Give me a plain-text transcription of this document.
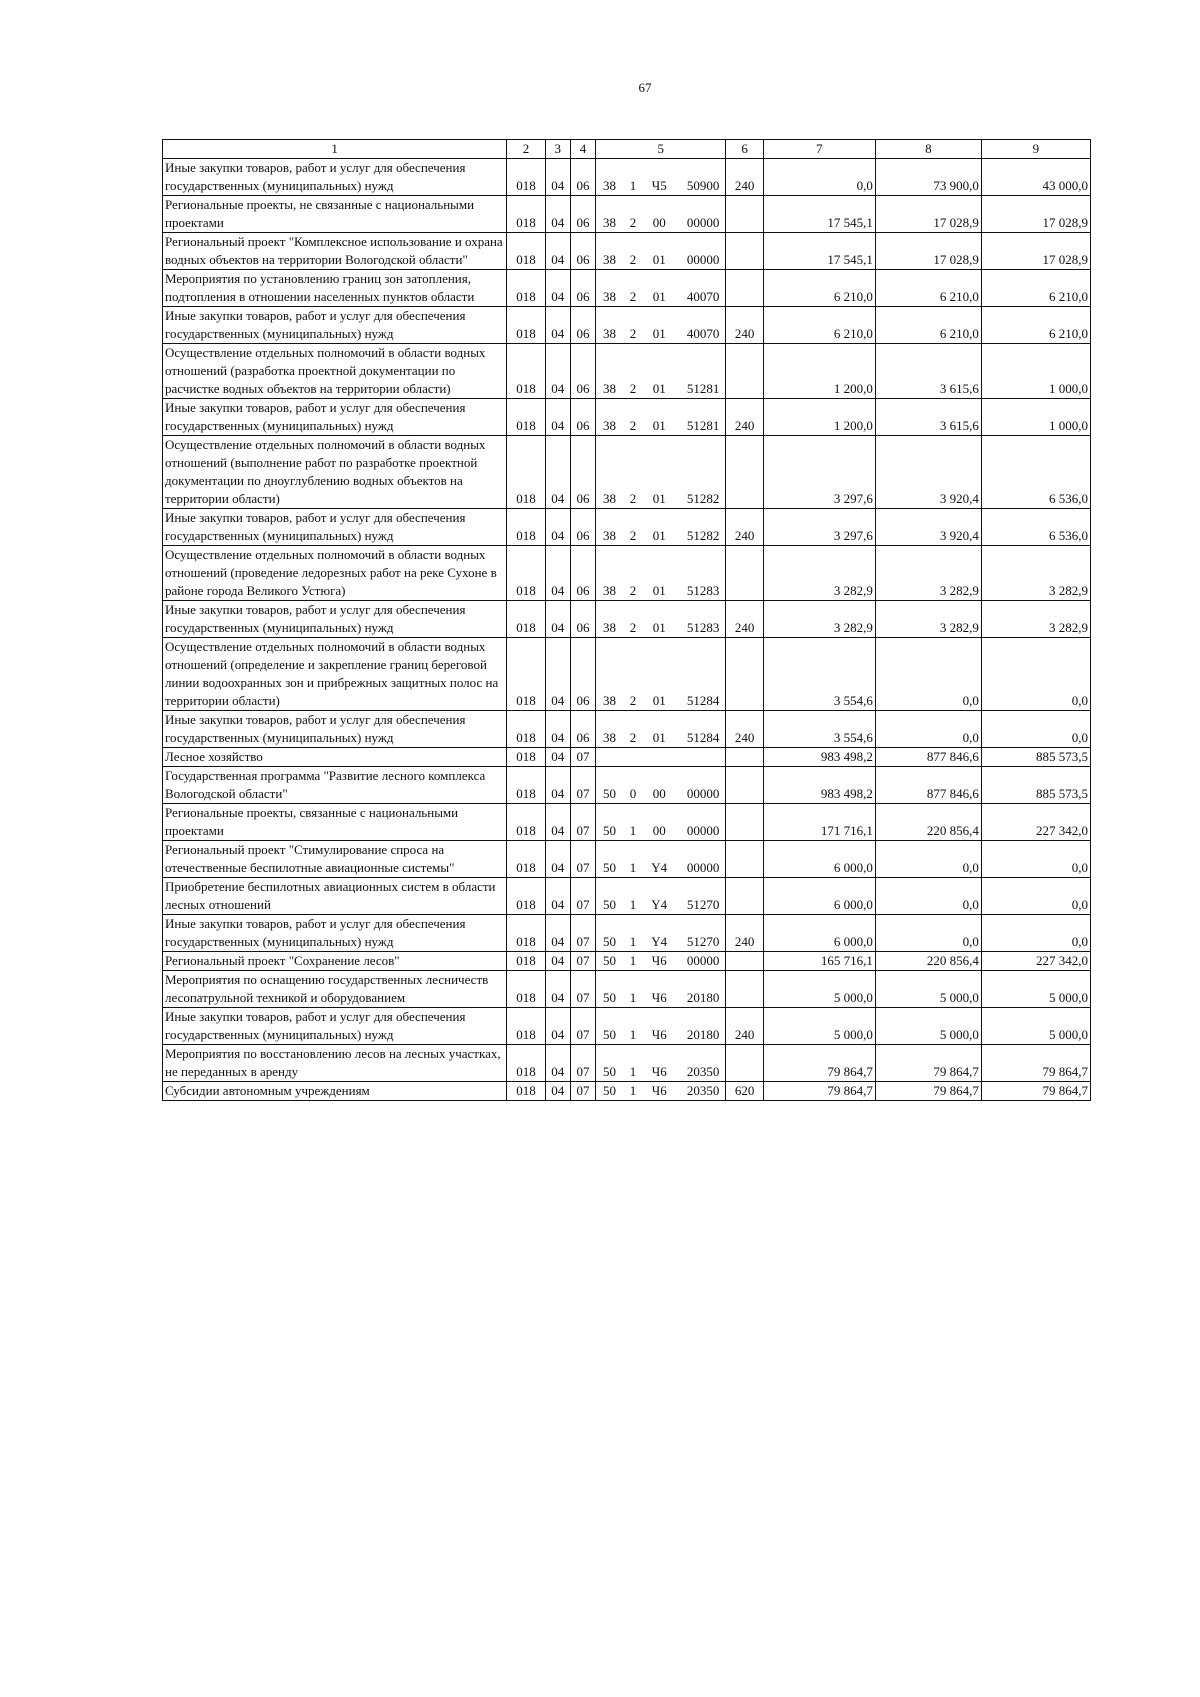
67
1	2	3	4	5				6	7	8	9
Иные закупки товаров, работ и услуг для обеспечения государственных (муниципальных) нужд	018	04	06	38	1	Ч5	50900	240	0,0	73 900,0	43 000,0
Региональные проекты, не связанные с национальными проектами	018	04	06	38	2	00	00000		17 545,1	17 028,9	17 028,9
Региональный проект "Комплексное использование и охрана водных объектов на территории Вологодской области"	018	04	06	38	2	01	00000		17 545,1	17 028,9	17 028,9
Мероприятия по установлению границ зон затопления, подтопления в отношении населенных пунктов области	018	04	06	38	2	01	40070		6 210,0	6 210,0	6 210,0
Иные закупки товаров, работ и услуг для обеспечения государственных (муниципальных) нужд	018	04	06	38	2	01	40070	240	6 210,0	6 210,0	6 210,0
Осуществление отдельных полномочий в области водных отношений (разработка проектной документации по расчистке водных объектов на территории области)	018	04	06	38	2	01	51281		1 200,0	3 615,6	1 000,0
Иные закупки товаров, работ и услуг для обеспечения государственных (муниципальных) нужд	018	04	06	38	2	01	51281	240	1 200,0	3 615,6	1 000,0
Осуществление отдельных полномочий в области водных отношений (выполнение работ по разработке проектной документации по дноуглублению водных объектов на территории области)	018	04	06	38	2	01	51282		3 297,6	3 920,4	6 536,0
Иные закупки товаров, работ и услуг для обеспечения государственных (муниципальных) нужд	018	04	06	38	2	01	51282	240	3 297,6	3 920,4	6 536,0
Осуществление отдельных полномочий в области водных отношений (проведение ледорезных работ на реке Сухоне в районе города Великого Устюга)	018	04	06	38	2	01	51283		3 282,9	3 282,9	3 282,9
Иные закупки товаров, работ и услуг для обеспечения государственных (муниципальных) нужд	018	04	06	38	2	01	51283	240	3 282,9	3 282,9	3 282,9
Осуществление отдельных полномочий в области водных отношений (определение и закрепление границ береговой линии водоохранных зон и прибрежных защитных полос на территории области)	018	04	06	38	2	01	51284		3 554,6	0,0	0,0
Иные закупки товаров, работ и услуг для обеспечения государственных (муниципальных) нужд	018	04	06	38	2	01	51284	240	3 554,6	0,0	0,0
Лесное хозяйство	018	04	07						983 498,2	877 846,6	885 573,5
Государственная программа "Развитие лесного комплекса Вологодской области"	018	04	07	50	0	00	00000		983 498,2	877 846,6	885 573,5
Региональные проекты, связанные с национальными проектами	018	04	07	50	1	00	00000		171 716,1	220 856,4	227 342,0
Региональный проект "Стимулирование спроса на отечественные беспилотные авиационные системы"	018	04	07	50	1	Y4	00000		6 000,0	0,0	0,0
Приобретение беспилотных авиационных систем в области лесных отношений	018	04	07	50	1	Y4	51270		6 000,0	0,0	0,0
Иные закупки товаров, работ и услуг для обеспечения государственных (муниципальных) нужд	018	04	07	50	1	Y4	51270	240	6 000,0	0,0	0,0
Региональный проект "Сохранение лесов"	018	04	07	50	1	Ч6	00000		165 716,1	220 856,4	227 342,0
Мероприятия по оснащению государственных лесничеств лесопатрульной техникой и оборудованием	018	04	07	50	1	Ч6	20180		5 000,0	5 000,0	5 000,0
Иные закупки товаров, работ и услуг для обеспечения государственных (муниципальных) нужд	018	04	07	50	1	Ч6	20180	240	5 000,0	5 000,0	5 000,0
Мероприятия по восстановлению лесов на лесных участках, не переданных в аренду	018	04	07	50	1	Ч6	20350		79 864,7	79 864,7	79 864,7
Субсидии автономным учреждениям	018	04	07	50	1	Ч6	20350	620	79 864,7	79 864,7	79 864,7
